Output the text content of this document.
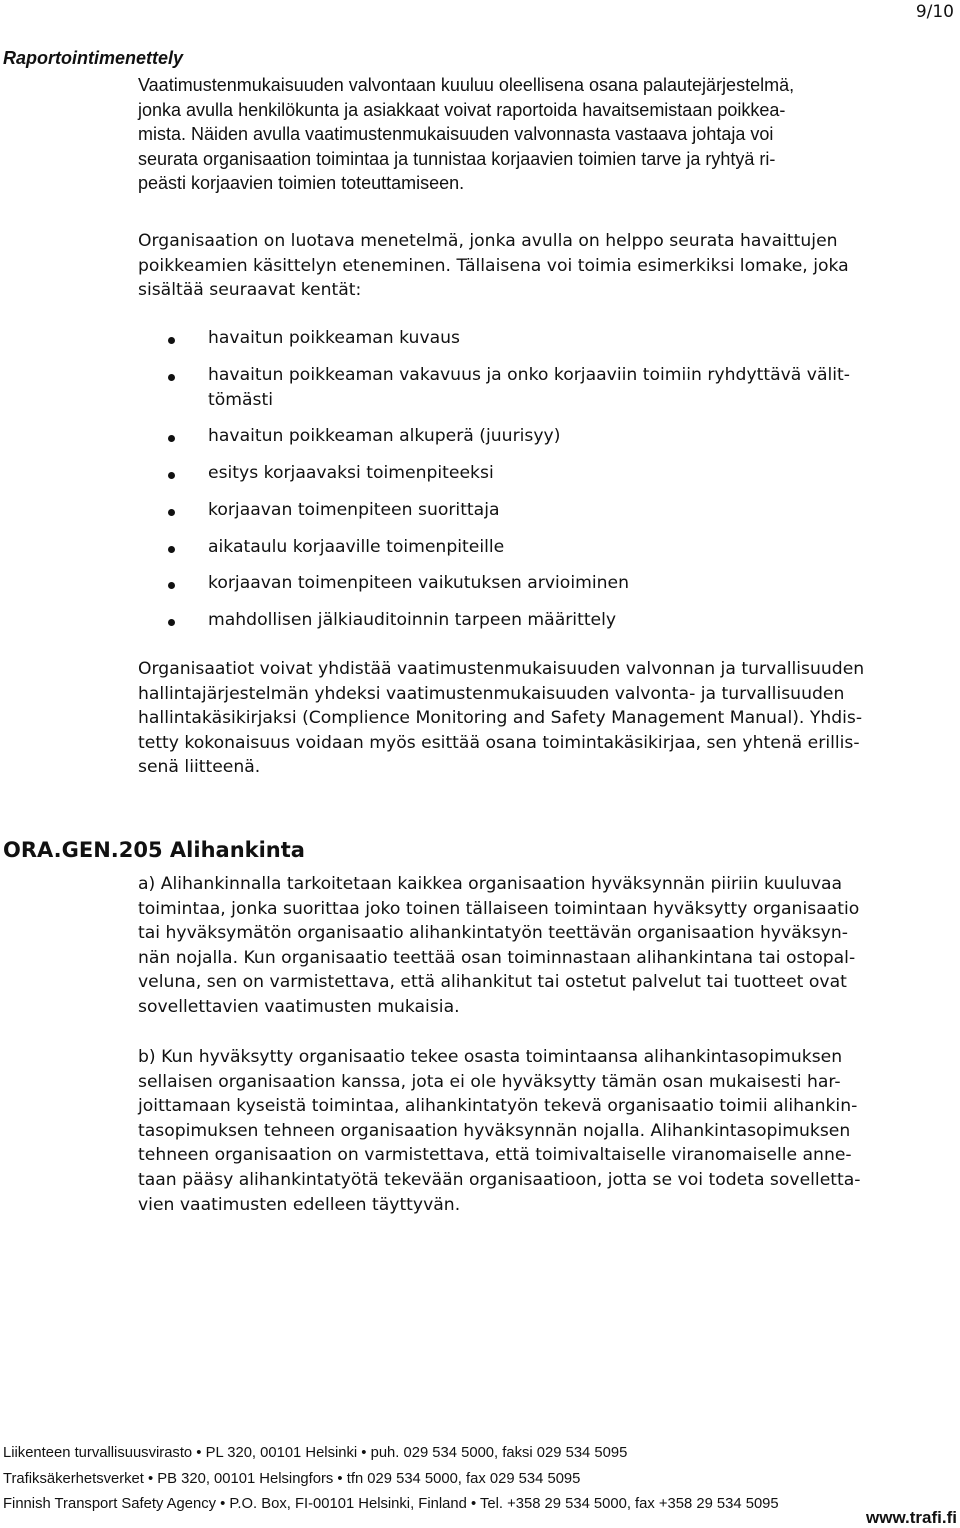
9/10
Raportointimenettely
Vaatimustenmukaisuuden valvontaan kuuluu oleellisena osana palautejärjestelmä,
jonka avulla henkilökunta ja asiakkaat voivat raportoida havaitsemistaan poikkea-
mista. Näiden avulla vaatimustenmukaisuuden valvonnasta vastaava johtaja voi
seurata organisaation toimintaa ja tunnistaa korjaavien toimien tarve ja ryhtyä ri-
peästi korjaavien toimien toteuttamiseen.
Organisaation on luotava menetelmä, jonka avulla on helppo seurata havaittujen
poikkeamien käsittelyn eteneminen. Tällaisena voi toimia esimerkiksi lomake, joka
sisältää seuraavat kentät:
havaitun poikkeaman kuvaus
havaitun poikkeaman vakavuus ja onko korjaaviin toimiin ryhdyttävä välit-
tömästi
havaitun poikkeaman alkuperä (juurisyy)
esitys korjaavaksi toimenpiteeksi
korjaavan toimenpiteen suorittaja
aikataulu korjaaville toimenpiteille
korjaavan toimenpiteen vaikutuksen arvioiminen
mahdollisen jälkiauditoinnin tarpeen määrittely
Organisaatiot voivat yhdistää vaatimustenmukaisuuden valvonnan ja turvallisuuden
hallintajärjestelmän yhdeksi vaatimustenmukaisuuden valvonta- ja turvallisuuden
hallintakäsikirjaksi (Complience Monitoring and Safety Management Manual). Yhdis-
tetty kokonaisuus voidaan myös esittää osana toimintakäsikirjaa, sen yhtenä erillis-
senä liitteenä.
ORA.GEN.205 Alihankinta
a) Alihankinnalla tarkoitetaan kaikkea organisaation hyväksynnän piiriin kuuluvaa
toimintaa, jonka suorittaa joko toinen tällaiseen toimintaan hyväksytty organisaatio
tai hyväksymätön organisaatio alihankintatyön teettävän organisaation hyväksyn-
nän nojalla. Kun organisaatio teettää osan toiminnastaan alihankintana tai ostopal-
veluna, sen on varmistettava, että alihankitut tai ostetut palvelut tai tuotteet ovat
sovellettavien vaatimusten mukaisia.
b) Kun hyväksytty organisaatio tekee osasta toimintaansa alihankintasopimuksen
sellaisen organisaation kanssa, jota ei ole hyväksytty tämän osan mukaisesti har-
joittamaan kyseistä toimintaa, alihankintatyön tekevä organisaatio toimii alihankin-
tasopimuksen tehneen organisaation hyväksynnän nojalla. Alihankintasopimuksen
tehneen organisaation on varmistettava, että toimivaltaiselle viranomaiselle anne-
taan pääsy alihankintatyötä tekevään organisaatioon, jotta se voi todeta sovelletta-
vien vaatimusten edelleen täyttyvän.
Liikenteen turvallisuusvirasto • PL 320, 00101 Helsinki • puh. 029 534 5000, faksi 029 534 5095
Trafiksäkerhetsverket • PB 320, 00101 Helsingfors • tfn 029 534 5000, fax 029 534 5095
Finnish Transport Safety Agency • P.O. Box, FI-00101 Helsinki, Finland • Tel. +358 29 534 5000, fax +358 29 534 5095
www.trafi.fi
